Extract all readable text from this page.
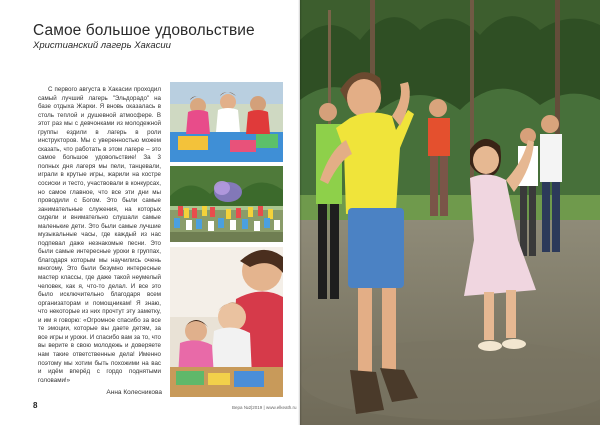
Самое большое удовольствие
Христианский лагерь Хакасии

С первого августа в Хакасии проходил самый лучший лагерь "Эльдорадо" на базе отдыха Жарки. Я вновь оказалась в столь теплой и душевной атмосфере. В этот раз мы с девчонками из молодежной группы ездили в лагерь в роли инструкторов. Мы с уверенностью можем сказать, что работать в этом лагере – это самое большое удовольствие! За 3 полных дня лагеря мы пели, танцевали, играли в крутые игры, жарили на костре сосиски и тесто, участвовали в конкурсах, но самое главное, что все эти дни мы проводили с Богом. Это были самые занимательные служения, на которых сидели и внимательно слушали самые маленькие дети. Это были самые лучшие музыкальные часы, где каждый из нас подпевал даже незнакомые песни. Это были самые интересные уроки в группах, благодаря которым мы научились очень многому. Это были безумно интересные мастер классы, где даже такой неумелый человек, как я, что-то делал. И все это было исключительно благодаря всем организаторам и помощникам! Я знаю, что некоторые из них прочтут эту заметку, и им я говорю: «Огромное спасибо за все те эмоции, которые вы даете детям, за все игры и уроки. И спасибо вам за то, что вы верите в свою молодежь и доверяете нам такие ответственные дела! Именно поэтому мы хотим быть похожими на вас и идём вперёд с гордо поднятыми головами!»

Анна Колесникова
8	Вера №2|2019 | www.elkeath.ru
